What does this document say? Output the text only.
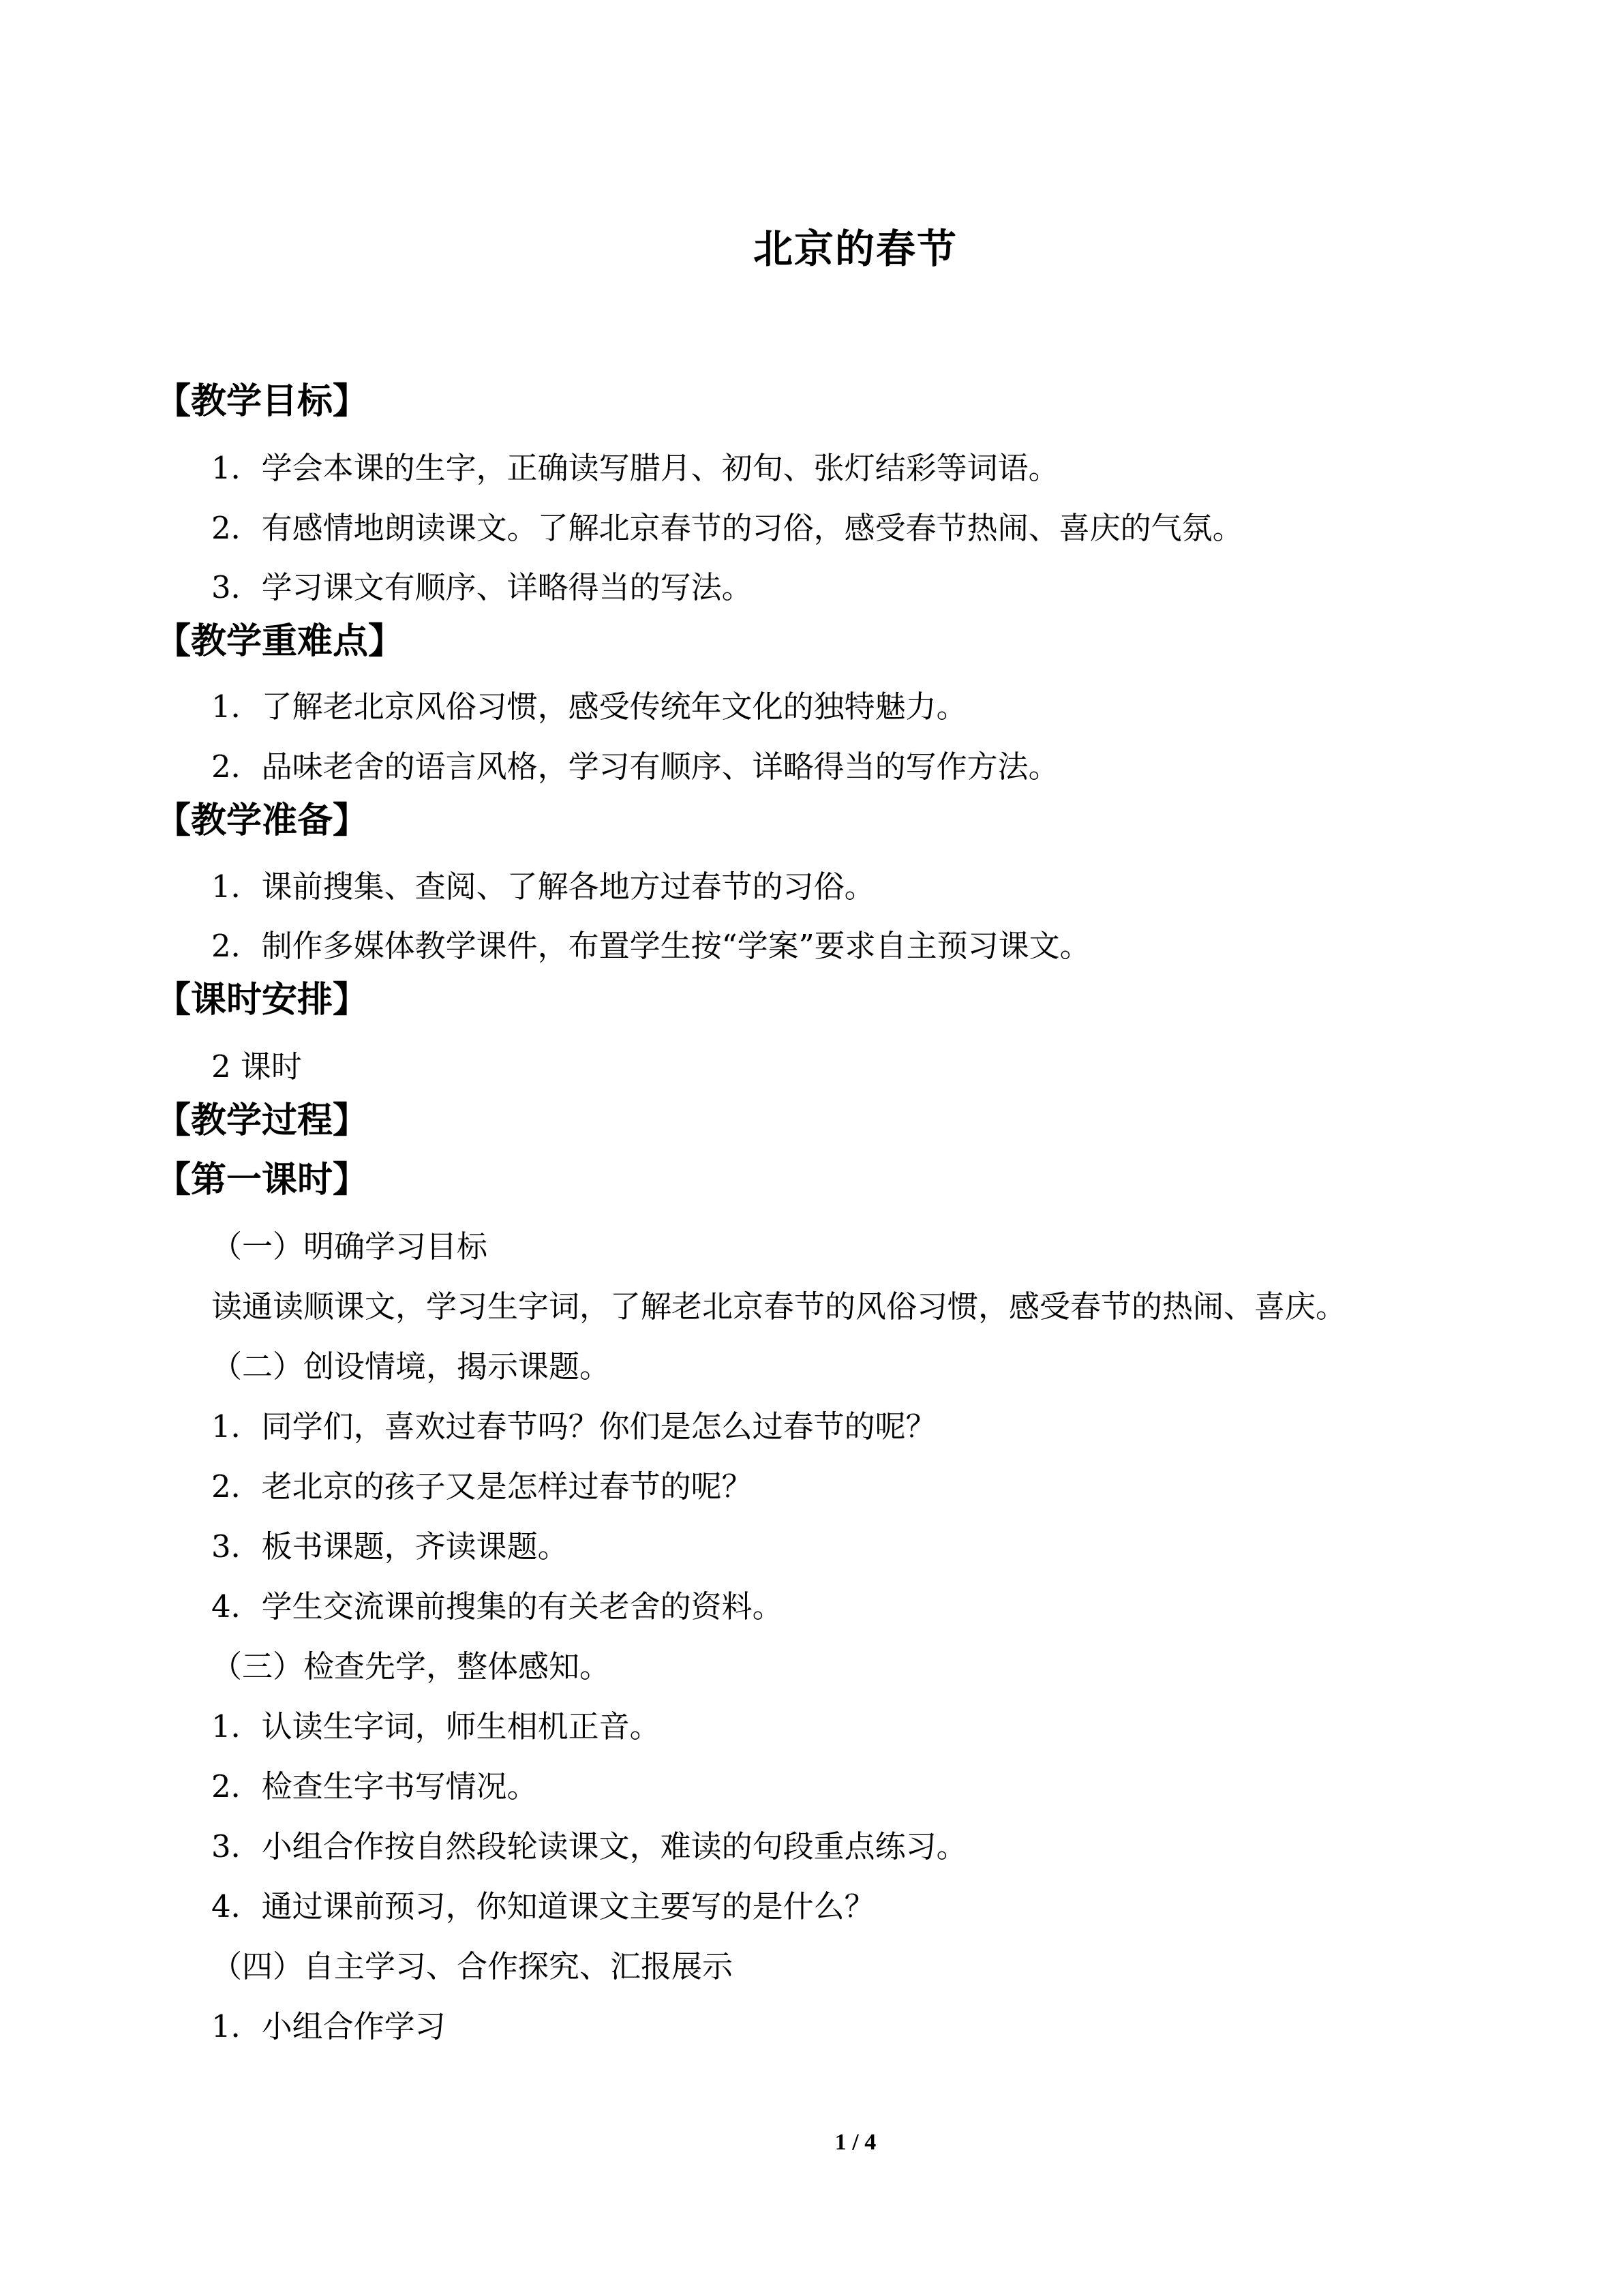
北京的春节
【教学目标】
1．学会本课的生字，正确读写腊月、初旬、张灯结彩等词语。
2．有感情地朗读课文。了解北京春节的习俗，感受春节热闹、喜庆的气氛。
3．学习课文有顺序、详略得当的写法。
【教学重难点】
1．了解老北京风俗习惯，感受传统年文化的独特魅力。
2．品味老舍的语言风格，学习有顺序、详略得当的写作方法。
【教学准备】
1．课前搜集、查阅、了解各地方过春节的习俗。
2．制作多媒体教学课件，布置学生按“学案”要求自主预习课文。
【课时安排】
2 课时
【教学过程】
【第一课时】
（一）明确学习目标
读通读顺课文，学习生字词，了解老北京春节的风俗习惯，感受春节的热闹、喜庆。
（二）创设情境，揭示课题。
1．同学们，喜欢过春节吗？你们是怎么过春节的呢？
2．老北京的孩子又是怎样过春节的呢？
3．板书课题，齐读课题。
4．学生交流课前搜集的有关老舍的资料。
（三）检查先学，整体感知。
1．认读生字词，师生相机正音。
2．检查生字书写情况。
3．小组合作按自然段轮读课文，难读的句段重点练习。
4．通过课前预习，你知道课文主要写的是什么？
（四）自主学习、合作探究、汇报展示
1．小组合作学习
1 / 4
